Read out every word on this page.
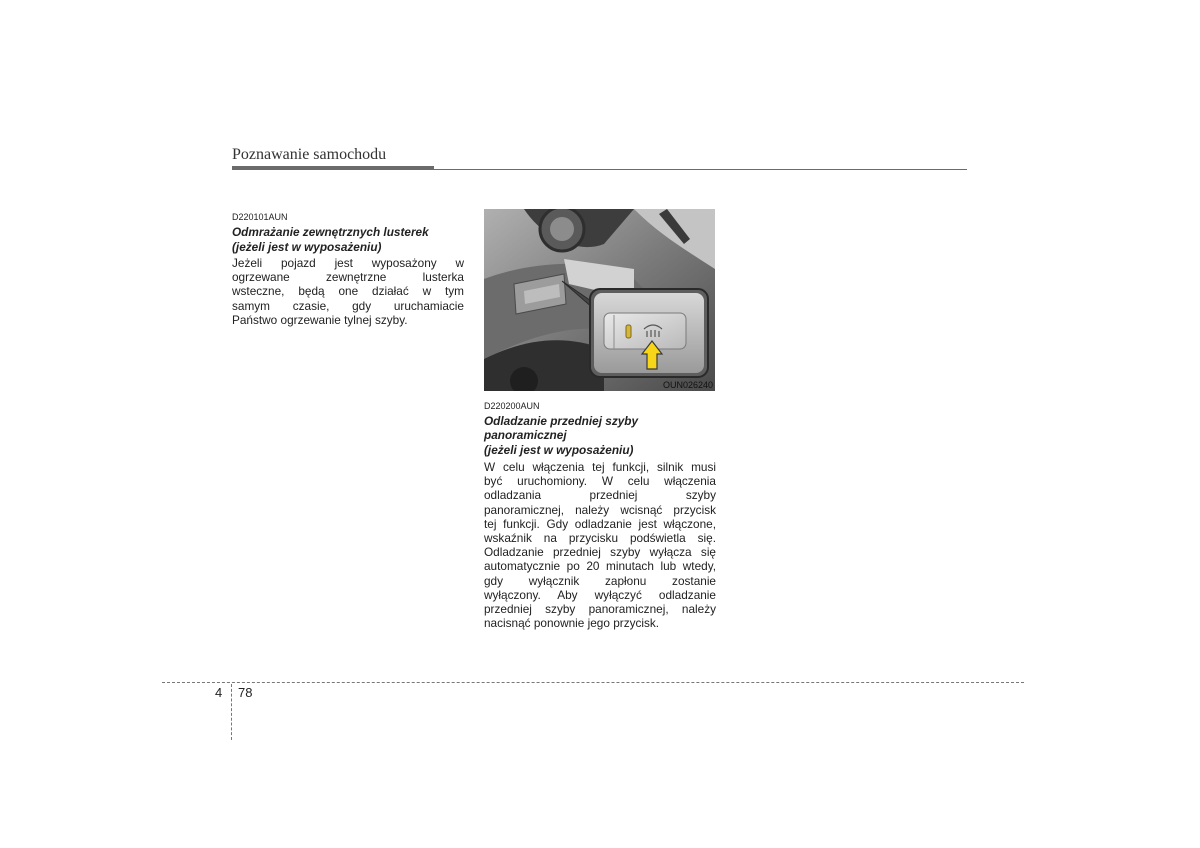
Poznawanie samochodu
D220101AUN
Odmrażanie zewnętrznych lusterek
(jeżeli jest w wyposażeniu)
Jeżeli pojazd jest wyposażony w
ogrzewane zewnętrzne lusterka
wsteczne, będą one działać w tym
samym czasie, gdy uruchamiacie
Państwo ogrzewanie tylnej szyby.
OUN026240
D220200AUN
Odladzanie przedniej szyby
panoramicznej
(jeżeli jest w wyposażeniu)
W celu włączenia tej funkcji, silnik musi
być uruchomiony. W celu włączenia
odladzania przedniej szyby
panoramicznej, należy wcisnąć przycisk
tej funkcji. Gdy odladzanie jest włączone,
wskaźnik na przycisku podświetla się.
Odladzanie przedniej szyby wyłącza się
automatycznie po 20 minutach lub wtedy,
gdy wyłącznik zapłonu zostanie
wyłączony. Aby wyłączyć odladzanie
przedniej szyby panoramicznej, należy
nacisnąć ponownie jego przycisk.
4 78
